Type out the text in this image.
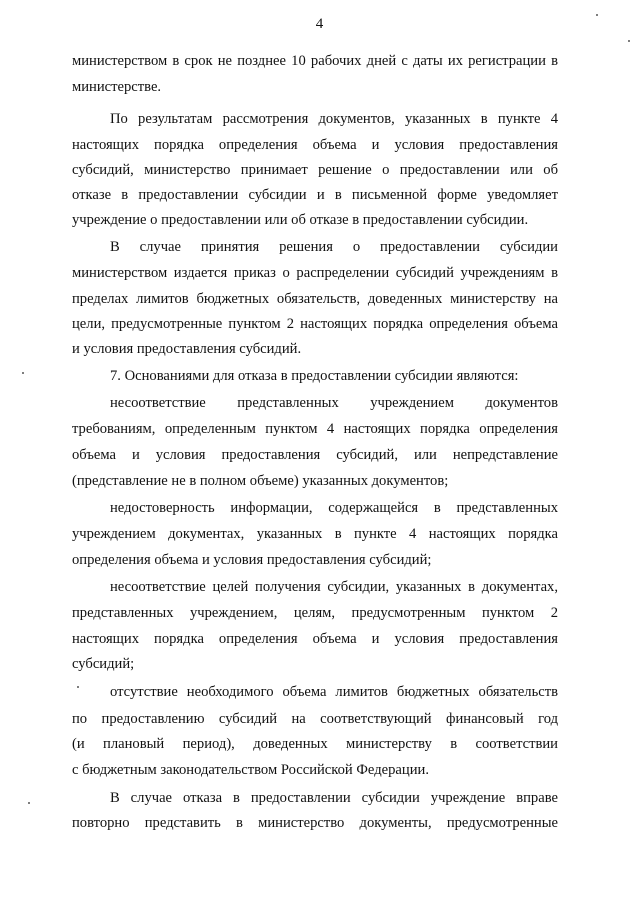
4
министерством в срок не позднее 10 рабочих дней с даты их регистрации в
министерстве.
По результатам рассмотрения документов, указанных в пункте 4
настоящих порядка определения объема и условия предоставления
субсидий, министерство принимает решение о предоставлении или об
отказе в предоставлении субсидии и в письменной форме уведомляет
учреждение о предоставлении или об отказе в предоставлении субсидии.
В случае принятия решения о предоставлении субсидии
министерством издается приказ о распределении субсидий учреждениям в
пределах лимитов бюджетных обязательств, доведенных министерству на
цели, предусмотренные пунктом 2 настоящих порядка определения объема
и условия предоставления субсидий.
7. Основаниями для отказа в предоставлении субсидии являются:
несоответствие представленных учреждением документов
требованиям, определенным пунктом 4 настоящих порядка определения
объема и условия предоставления субсидий, или непредставление
(представление не в полном объеме) указанных документов;
недостоверность информации, содержащейся в представленных
учреждением документах, указанных в пункте 4 настоящих порядка
определения объема и условия предоставления субсидий;
несоответствие целей получения субсидии, указанных в документах,
представленных учреждением, целям, предусмотренным пунктом 2
настоящих порядка определения объема и условия предоставления
субсидий;
отсутствие необходимого объема лимитов бюджетных обязательств
по предоставлению субсидий на соответствующий финансовый год
(и плановый период), доведенных министерству в соответствии
с бюджетным законодательством Российской Федерации.
В случае отказа в предоставлении субсидии учреждение вправе
повторно представить в министерство документы, предусмотренные
